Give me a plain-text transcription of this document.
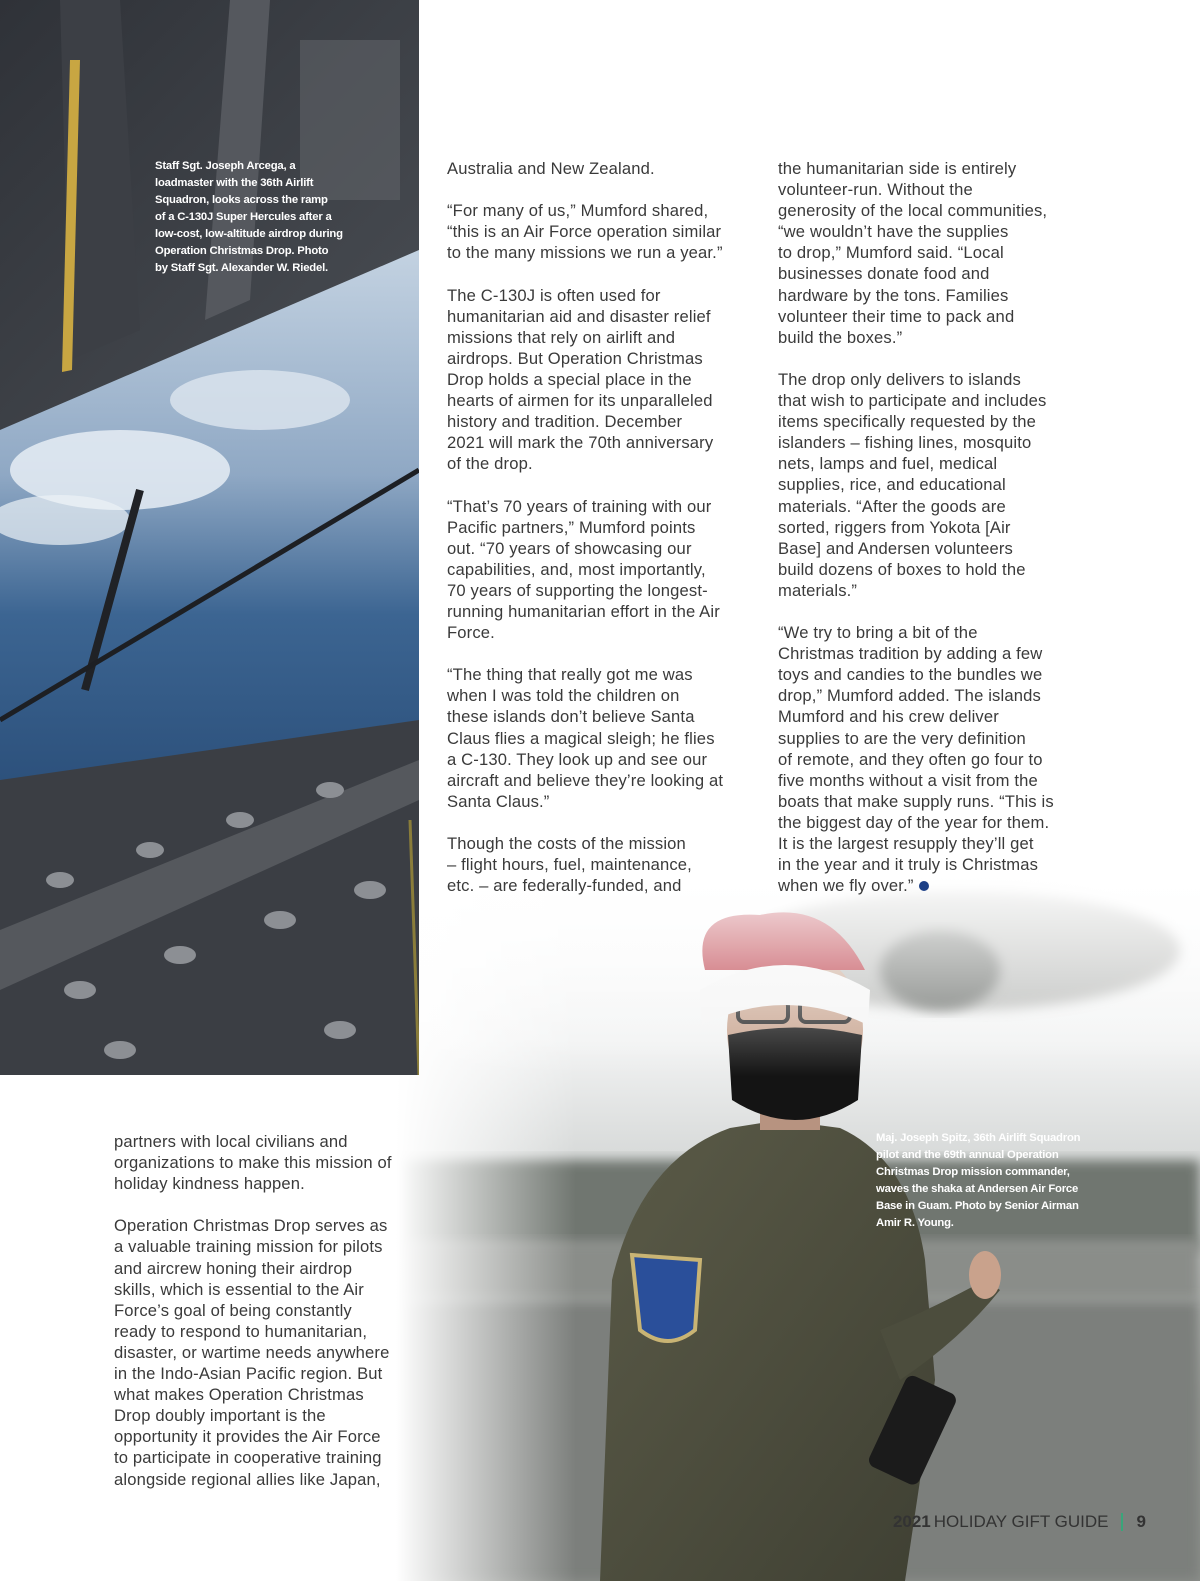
Staff Sgt. Joseph Arcega, a
loadmaster with the 36th Airlift
Squadron, looks across the ramp
of a C-130J Super Hercules after a
low-cost, low-altitude airdrop during
Operation Christmas Drop. Photo
by Staff Sgt. Alexander W. Riedel.
Maj. Joseph Spitz, 36th Airlift Squadron
pilot and the 69th annual Operation
Christmas Drop mission commander,
waves the shaka at Andersen Air Force
Base in Guam. Photo by Senior Airman
Amir R. Young.

Australia and New Zealand.

“For many of us,” Mumford shared,
“this is an Air Force operation similar
to the many missions we run a year.”

The C-130J is often used for
humanitarian aid and disaster relief
missions that rely on airlift and
airdrops. But Operation Christmas
Drop holds a special place in the
hearts of airmen for its unparalleled
history and tradition. December
2021 will mark the 70th anniversary
of the drop.

“That’s 70 years of training with our
Pacific partners,” Mumford points
out. “70 years of showcasing our
capabilities, and, most importantly,
70 years of supporting the longest-
running humanitarian effort in the Air
Force.

“The thing that really got me was
when I was told the children on
these islands don’t believe Santa
Claus flies a magical sleigh; he flies
a C-130. They look up and see our
aircraft and believe they’re looking at
Santa Claus.”

Though the costs of the mission
– flight hours, fuel, maintenance,
etc. – are federally-funded, and

the humanitarian side is entirely
volunteer-run. Without the
generosity of the local communities,
“we wouldn’t have the supplies
to drop,” Mumford said. “Local
businesses donate food and
hardware by the tons. Families
volunteer their time to pack and
build the boxes.”

The drop only delivers to islands
that wish to participate and includes
items specifically requested by the
islanders – fishing lines, mosquito
nets, lamps and fuel, medical
supplies, rice, and educational
materials. “After the goods are
sorted, riggers from Yokota [Air
Base] and Andersen volunteers
build dozens of boxes to hold the
materials.”

“We try to bring a bit of the
Christmas tradition by adding a few
toys and candies to the bundles we
drop,” Mumford added. The islands
Mumford and his crew deliver
supplies to are the very definition
of remote, and they often go four to
five months without a visit from the
boats that make supply runs. “This is
the biggest day of the year for them.
It is the largest resupply they’ll get
in the year and it truly is Christmas
when we fly over.”

partners with local civilians and
organizations to make this mission of
holiday kindness happen.

Operation Christmas Drop serves as
a valuable training mission for pilots
and aircrew honing their airdrop
skills, which is essential to the Air
Force’s goal of being constantly
ready to respond to humanitarian,
disaster, or wartime needs anywhere
in the Indo-Asian Pacific region. But
what makes Operation Christmas
Drop doubly important is the
opportunity it provides the Air Force
to participate in cooperative training
alongside regional allies like Japan,

2021 HOLIDAY GIFT GUIDE 9
